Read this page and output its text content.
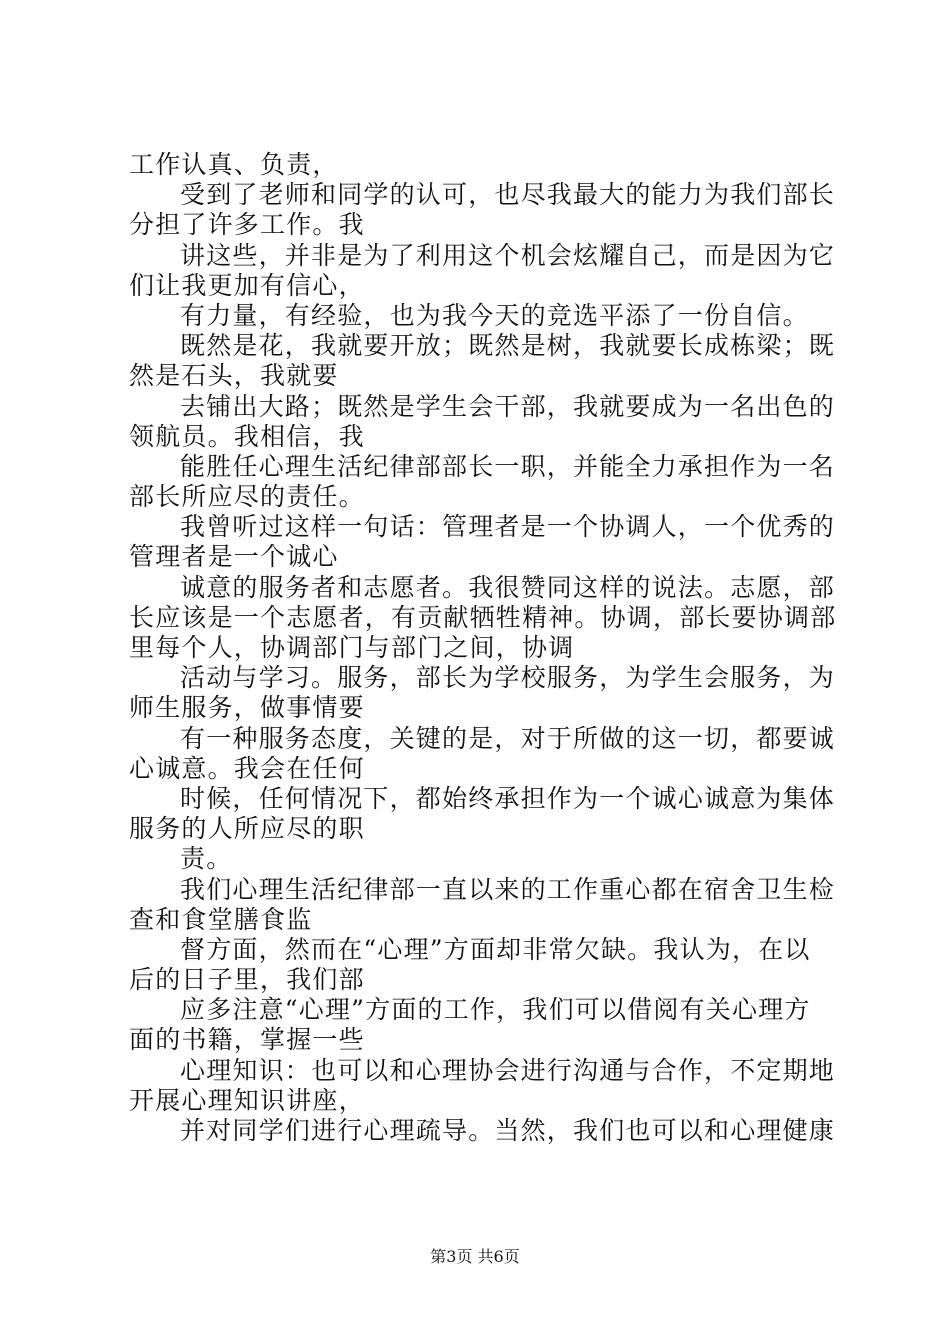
工作认真、负责，
受到了老师和同学的认可，也尽我最大的能力为我们部长
分担了许多工作。我
讲这些，并非是为了利用这个机会炫耀自己，而是因为它
们让我更加有信心，
有力量，有经验，也为我今天的竞选平添了一份自信。
既然是花，我就要开放；既然是树，我就要长成栋梁；既
然是石头，我就要
去铺出大路；既然是学生会干部，我就要成为一名出色的
领航员。我相信，我
能胜任心理生活纪律部部长一职，并能全力承担作为一名
部长所应尽的责任。
我曾听过这样一句话：管理者是一个协调人，一个优秀的
管理者是一个诚心
诚意的服务者和志愿者。我很赞同这样的说法。志愿，部
长应该是一个志愿者，有贡献牺牲精神。协调，部长要协调部
里每个人，协调部门与部门之间，协调
活动与学习。服务，部长为学校服务，为学生会服务，为
师生服务，做事情要
有一种服务态度，关键的是，对于所做的这一切，都要诚
心诚意。我会在任何
时候，任何情况下，都始终承担作为一个诚心诚意为集体
服务的人所应尽的职
责。
我们心理生活纪律部一直以来的工作重心都在宿舍卫生检
查和食堂膳食监
督方面，然而在“心理”方面却非常欠缺。我认为，在以
后的日子里，我们部
应多注意“心理”方面的工作，我们可以借阅有关心理方
面的书籍，掌握一些
心理知识：也可以和心理协会进行沟通与合作，不定期地
开展心理知识讲座，
并对同学们进行心理疏导。当然，我们也可以和心理健康
第3页 共6页
